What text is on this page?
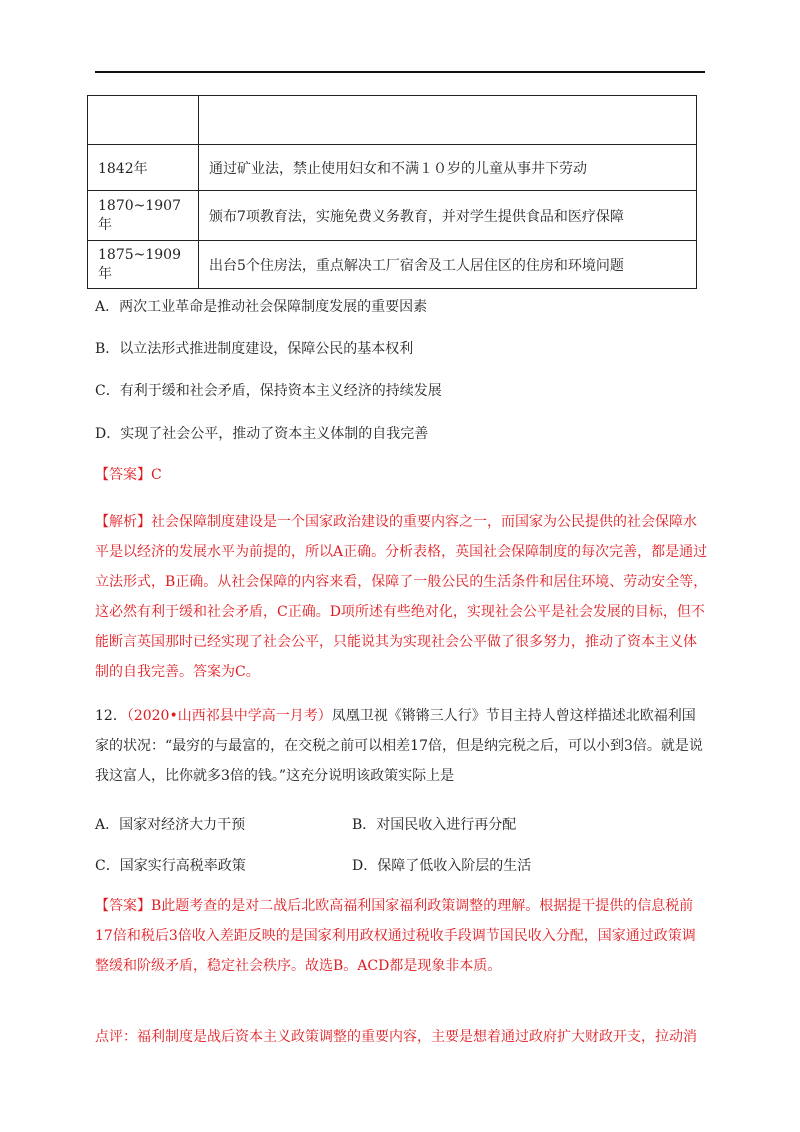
1842年	通过矿业法，禁止使用妇女和不满１０岁的儿童从事井下劳动
1870~1907年	颁布7项教育法，实施免费义务教育，并对学生提供食品和医疗保障
1875~1909年	出台5个住房法，重点解决工厂宿舍及工人居住区的住房和环境问题
A．两次工业革命是推动社会保障制度发展的重要因素
B．以立法形式推进制度建设，保障公民的基本权利
C．有利于缓和社会矛盾，保持资本主义经济的持续发展
D．实现了社会公平，推动了资本主义体制的自我完善
【答案】C
【解析】社会保障制度建设是一个国家政治建设的重要内容之一，而国家为公民提供的社会保障水平是以经济的发展水平为前提的，所以A正确。分析表格，英国社会保障制度的每次完善，都是通过立法形式，B正确。从社会保障的内容来看，保障了一般公民的生活条件和居住环境、劳动安全等，这必然有利于缓和社会矛盾，C正确。D项所述有些绝对化，实现社会公平是社会发展的目标，但不能断言英国那时已经实现了社会公平，只能说其为实现社会公平做了很多努力，推动了资本主义体制的自我完善。答案为C。
12．（2020•山西祁县中学高一月考）凤凰卫视《锵锵三人行》节目主持人曾这样描述北欧福利国家的状况：“最穷的与最富的，在交税之前可以相差17倍，但是纳完税之后，可以小到3倍。就是说我这富人，比你就多3倍的钱。”这充分说明该政策实际上是
A．国家对经济大力干预	B．对国民收入进行再分配
C．国家实行高税率政策	D．保障了低收入阶层的生活
【答案】B此题考查的是对二战后北欧高福利国家福利政策调整的理解。根据提干提供的信息税前17倍和税后3倍收入差距反映的是国家利用政权通过税收手段调节国民收入分配，国家通过政策调整缓和阶级矛盾，稳定社会秩序。故选B。ACD都是现象非本质。
点评：福利制度是战后资本主义政策调整的重要内容，主要是想着通过政府扩大财政开支，拉动消
